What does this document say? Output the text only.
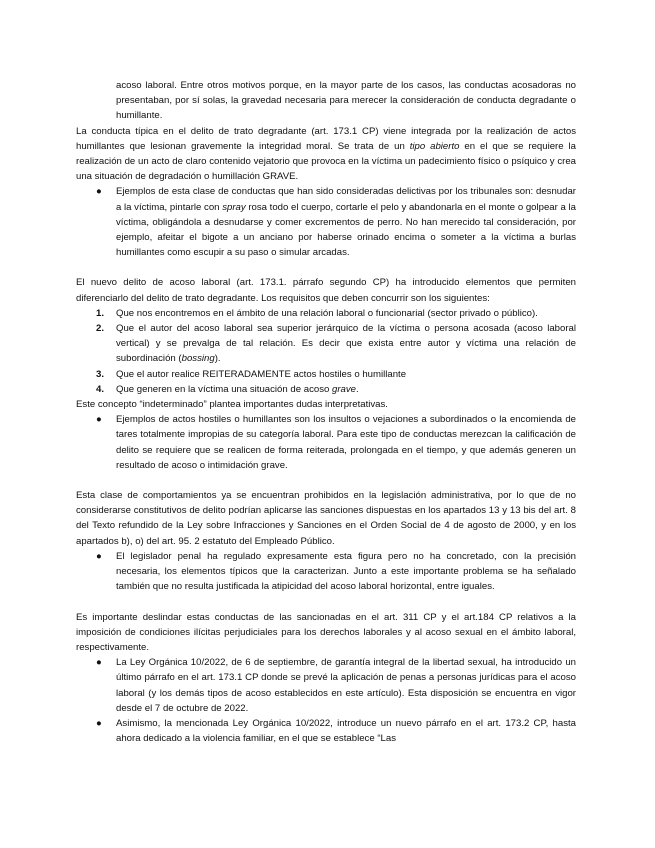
acoso laboral. Entre otros motivos porque, en la mayor parte de los casos, las conductas acosadoras no presentaban, por sí solas, la gravedad necesaria para merecer la consideración de conducta degradante o humillante.

La conducta típica en el delito de trato degradante (art. 173.1 CP) viene integrada por la realización de actos humillantes que lesionan gravemente la integridad moral. Se trata de un tipo abierto en el que se requiere la realización de un acto de claro contenido vejatorio que provoca en la víctima un padecimiento físico o psíquico y crea una situación de degradación o humillación GRAVE.

● Ejemplos de esta clase de conductas que han sido consideradas delictivas por los tribunales son: desnudar a la víctima, pintarle con spray rosa todo el cuerpo, cortarle el pelo y abandonarla en el monte o golpear a la víctima, obligándola a desnudarse y comer excrementos de perro. No han merecido tal consideración, por ejemplo, afeitar el bigote a un anciano por haberse orinado encima o someter a la víctima a burlas humillantes como escupir a su paso o simular arcadas.

El nuevo delito de acoso laboral (art. 173.1. párrafo segundo CP) ha introducido elementos que permiten diferenciarlo del delito de trato degradante. Los requisitos que deben concurrir son los siguientes:

1. Que nos encontremos en el ámbito de una relación laboral o funcionarial (sector privado o público).
2. Que el autor del acoso laboral sea superior jerárquico de la víctima o persona acosada (acoso laboral vertical) y se prevalga de tal relación. Es decir que exista entre autor y víctima una relación de subordinación (bossing).
3. Que el autor realice REITERADAMENTE actos hostiles o humillante
4. Que generen en la víctima una situación de acoso grave.

Este concepto “indeterminado” plantea importantes dudas interpretativas.

● Ejemplos de actos hostiles o humillantes son los insultos o vejaciones a subordinados o la encomienda de tares totalmente impropias de su categoría laboral. Para este tipo de conductas merezcan la calificación de delito se requiere que se realicen de forma reiterada, prolongada en el tiempo, y que además generen un resultado de acoso o intimidación grave.

Esta clase de comportamientos ya se encuentran prohibidos en la legislación administrativa, por lo que de no considerarse constitutivos de delito podrían aplicarse las sanciones dispuestas en los apartados 13 y 13 bis del art. 8 del Texto refundido de la Ley sobre Infracciones y Sanciones en el Orden Social de 4 de agosto de 2000, y en los apartados b), o) del art. 95. 2 estatuto del Empleado Público.

● El legislador penal ha regulado expresamente esta figura pero no ha concretado, con la precisión necesaria, los elementos típicos que la caracterizan. Junto a este importante problema se ha señalado también que no resulta justificada la atipicidad del acoso laboral horizontal, entre iguales.

Es importante deslindar estas conductas de las sancionadas en el art. 311 CP y el art.184 CP relativos a la imposición de condiciones ilícitas perjudiciales para los derechos laborales y al acoso sexual en el ámbito laboral, respectivamente.

● La Ley Orgánica 10/2022, de 6 de septiembre, de garantía integral de la libertad sexual, ha introducido un último párrafo en el art. 173.1 CP donde se prevé la aplicación de penas a personas jurídicas para el acoso laboral (y los demás tipos de acoso establecidos en este artículo). Esta disposición se encuentra en vigor desde el 7 de octubre de 2022.
● Asimismo, la mencionada Ley Orgánica 10/2022, introduce un nuevo párrafo en el art. 173.2 CP, hasta ahora dedicado a la violencia familiar, en el que se establece “Las
